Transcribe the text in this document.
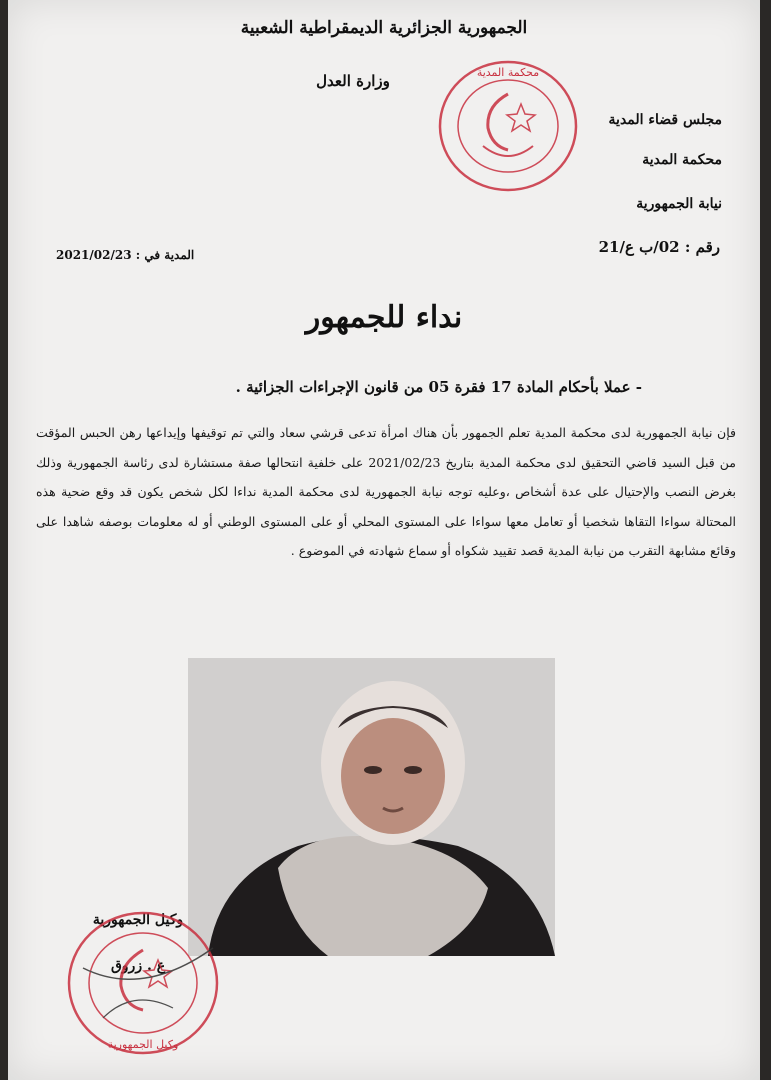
الجمهورية الجزائرية الديمقراطية الشعبية
وزارة العدل
مجلس قضاء المدية
محكمة المدية
نيابة الجمهورية
رقم : 02/ب ع/21
المدية في : 2021/02/23
محكمة المدية
نداء للجمهور
- عملا بأحكام المادة 17 فقرة 05 من قانون الإجراءات الجزائية .
فإن نيابة الجمهورية لدى محكمة المدية تعلم الجمهور بأن هناك امرأة تدعى قرشي سعاد والتي تم توقيفها وإيداعها رهن الحبس المؤقت من قبل السيد قاضي التحقيق لدى محكمة المدية بتاريخ 2021/02/23 على خلفية انتحالها صفة مستشارة لدى رئاسة الجمهورية وذلك بغرض النصب والإحتيال على عدة أشخاص ،وعليه توجه نيابة الجمهورية لدى محكمة المدية نداءا لكل شخص يكون قد وقع ضحية هذه المحتالة سواءا التقاها شخصيا أو تعامل معها سواءا على المستوى المحلي أو على المستوى الوطني أو له معلومات بوصفه شاهدا على وقائع مشابهة التقرب من نيابة المدية قصد تقييد شكواه أو سماع شهادته في الموضوع .
وكيل الجمهورية
ع . زروق
وكيل الجمهورية
